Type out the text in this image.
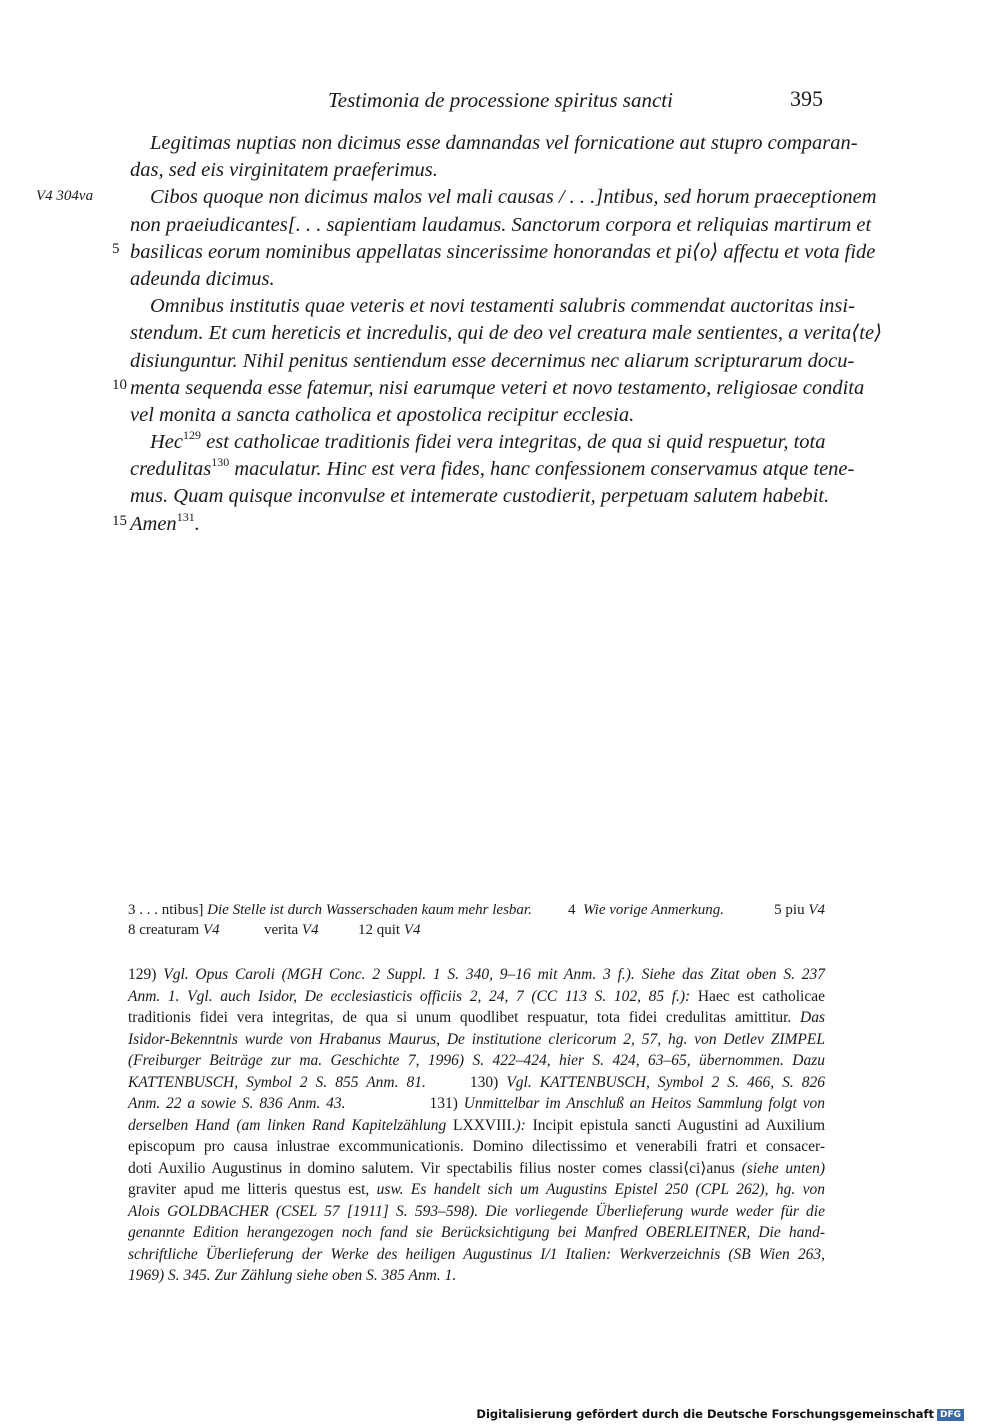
Testimonia de processione spiritus sancti	395
V4 304va
5
10
15
Legitimas nuptias non dicimus esse damnandas vel fornicatione aut stupro comparan-
das, sed eis virginitatem praeferimus.
Cibos quoque non dicimus malos vel mali causas / . . .]ntibus, sed horum praeceptionem
non praeiudicantes[. . . sapientiam laudamus. Sanctorum corpora et reliquias martirum et
basilicas eorum nominibus appellatas sincerissime honorandas et pi⟨o⟩ affectu et vota fide
adeunda dicimus.
Omnibus institutis quae veteris et novi testamenti salubris commendat auctoritas insi-
stendum. Et cum hereticis et incredulis, qui de deo vel creatura male sentientes, a verita⟨te⟩
disiunguntur. Nihil penitus sentiendum esse decernimus nec aliarum scripturarum docu-
menta sequenda esse fatemur, nisi earumque veteri et novo testamento, religiosae condita
vel monita a sancta catholica et apostolica recipitur ecclesia.
Hec$^{129}$ est catholicae traditionis fidei vera integritas, de qua si quid respuetur, tota
credulitas$^{130}$ maculatur. Hinc est vera fides, hanc confessionem conservamus atque tene-
mus. Quam quisque inconvulse et intemerate custodierit, perpetuam salutem habebit.
Amen$^{131}$.
3 . . . ntibus] Die Stelle ist durch Wasserschaden kaum mehr lesbar. 4 Wie vorige Anmerkung.	5 piu V4
8 creaturam V4	verita V4	12 quit V4
129) Vgl. Opus Caroli (MGH Conc. 2 Suppl. 1 S. 340, 9–16 mit Anm. 3 f.). Siehe das Zitat oben S. 237
Anm. 1. Vgl. auch Isidor, De ecclesiasticis officiis 2, 24, 7 (CC 113 S. 102, 85 f.): Haec est catholicae
traditionis fidei vera integritas, de qua si unum quodlibet respuatur, tota fidei credulitas amittitur. Das
Isidor-Bekenntnis wurde von Hrabanus Maurus, De institutione clericorum 2, 57, hg. von Detlev ZIMPEL
(Freiburger Beiträge zur ma. Geschichte 7, 1996) S. 422–424, hier S. 424, 63–65, übernommen. Dazu
KATTENBUSCH, Symbol 2 S. 855 Anm. 81.	130) Vgl. KATTENBUSCH, Symbol 2 S. 466, S. 826
Anm. 22 a sowie S. 836 Anm. 43.	131) Unmittelbar im Anschluß an Heitos Sammlung folgt von
derselben Hand (am linken Rand Kapitelzählung LXXVIII.): Incipit epistula sancti Augustini ad Auxilium
episcopum pro causa inlustrae excommunicationis. Domino dilectissimo et venerabili fratri et consacer-
doti Auxilio Augustinus in domino salutem. Vir spectabilis filius noster comes classi⟨ci⟩anus (siehe unten)
graviter apud me litteris questus est, usw. Es handelt sich um Augustins Epistel 250 (CPL 262), hg. von
Alois GOLDBACHER (CSEL 57 [1911] S. 593–598). Die vorliegende Überlieferung wurde weder für die
genannte Edition herangezogen noch fand sie Berücksichtigung bei Manfred OBERLEITNER, Die hand-
schriftliche Überlieferung der Werke des heiligen Augustinus I/1 Italien: Werkverzeichnis (SB Wien 263,
1969) S. 345. Zur Zählung siehe oben S. 385 Anm. 1.
Digitalisierung gefördert durch die Deutsche Forschungsgemeinschaft DFG
